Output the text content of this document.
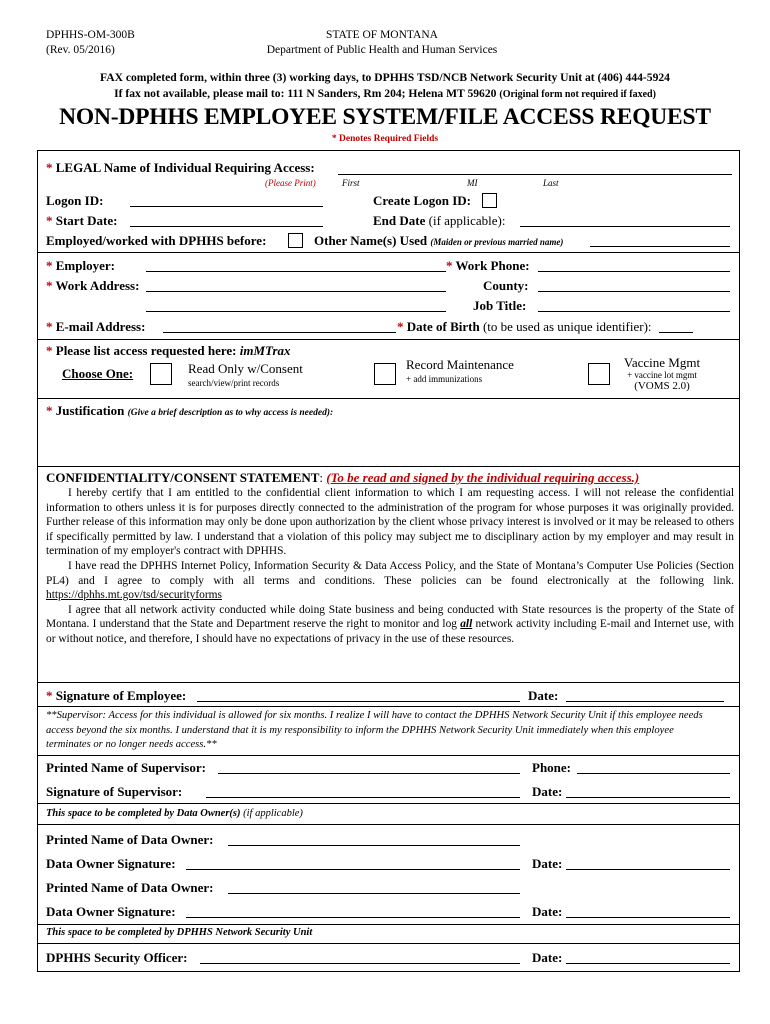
DPHHS-OM-300B
(Rev. 05/2016)
STATE OF MONTANA
Department of Public Health and Human Services
FAX completed form, within three (3) working days, to DPHHS TSD/NCB Network Security Unit at (406) 444-5924
If fax not available, please mail to: 111 N Sanders, Rm 204; Helena MT 59620 (Original form not required if faxed)
NON-DPHHS EMPLOYEE SYSTEM/FILE ACCESS REQUEST
* Denotes Required Fields
* LEGAL Name of Individual Requiring Access:
(Please Print)	First	MI	Last
Logon ID:	Create Logon ID:
* Start Date:	End Date (if applicable):
Employed/worked with DPHHS before:	Other Name(s) Used (Maiden or previous married name)
* Employer:	* Work Phone:
* Work Address:	County:
Job Title:
* E-mail Address:	* Date of Birth (to be used as unique identifier):
* Please list access requested here: imMTrax
Choose One:	Read Only w/Consent
search/view/print records
Record Maintenance
+ add immunizations
Vaccine Mgmt
+ vaccine lot mgmt
(VOMS 2.0)
* Justification (Give a brief description as to why access is needed):
CONFIDENTIALITY/CONSENT STATEMENT: (To be read and signed by the individual requiring access.)

I hereby certify that I am entitled to the confidential client information to which I am requesting access. I will not release the confidential information to others unless it is for purposes directly connected to the administration of the program for whose purposes it was originally provided. Further release of this information may only be done upon authorization by the client whose privacy interest is involved or it may be released to others if specifically permitted by law. I understand that a violation of this policy may subject me to disciplinary action by my employer and may result in termination of my employer's contract with DPHHS.

I have read the DPHHS Internet Policy, Information Security & Data Access Policy, and the State of Montana’s Computer Use Policies (Section PL4) and I agree to comply with all terms and conditions. These policies can be found electronically at the following link. https://dphhs.mt.gov/tsd/securityforms

I agree that all network activity conducted while doing State business and being conducted with State resources is the property of the State of Montana. I understand that the State and Department reserve the right to monitor and log all network activity including E-mail and Internet use, with or without notice, and therefore, I should have no expectations of privacy in the use of these resources.

* Signature of Employee:	Date:
**Supervisor: Access for this individual is allowed for six months. I realize I will have to contact the DPHHS Network Security Unit if this employee needs access beyond the six months. I understand that it is my responsibility to inform the DPHHS Network Security Unit immediately when this employee terminates or no longer needs access.**
Printed Name of Supervisor:	Phone:
Signature of Supervisor:	Date:
This space to be completed by Data Owner(s) (if applicable)
Printed Name of Data Owner:
Data Owner Signature:	Date:
Printed Name of Data Owner:
Data Owner Signature:	Date:
This space to be completed by DPHHS Network Security Unit
DPHHS Security Officer:	Date:
